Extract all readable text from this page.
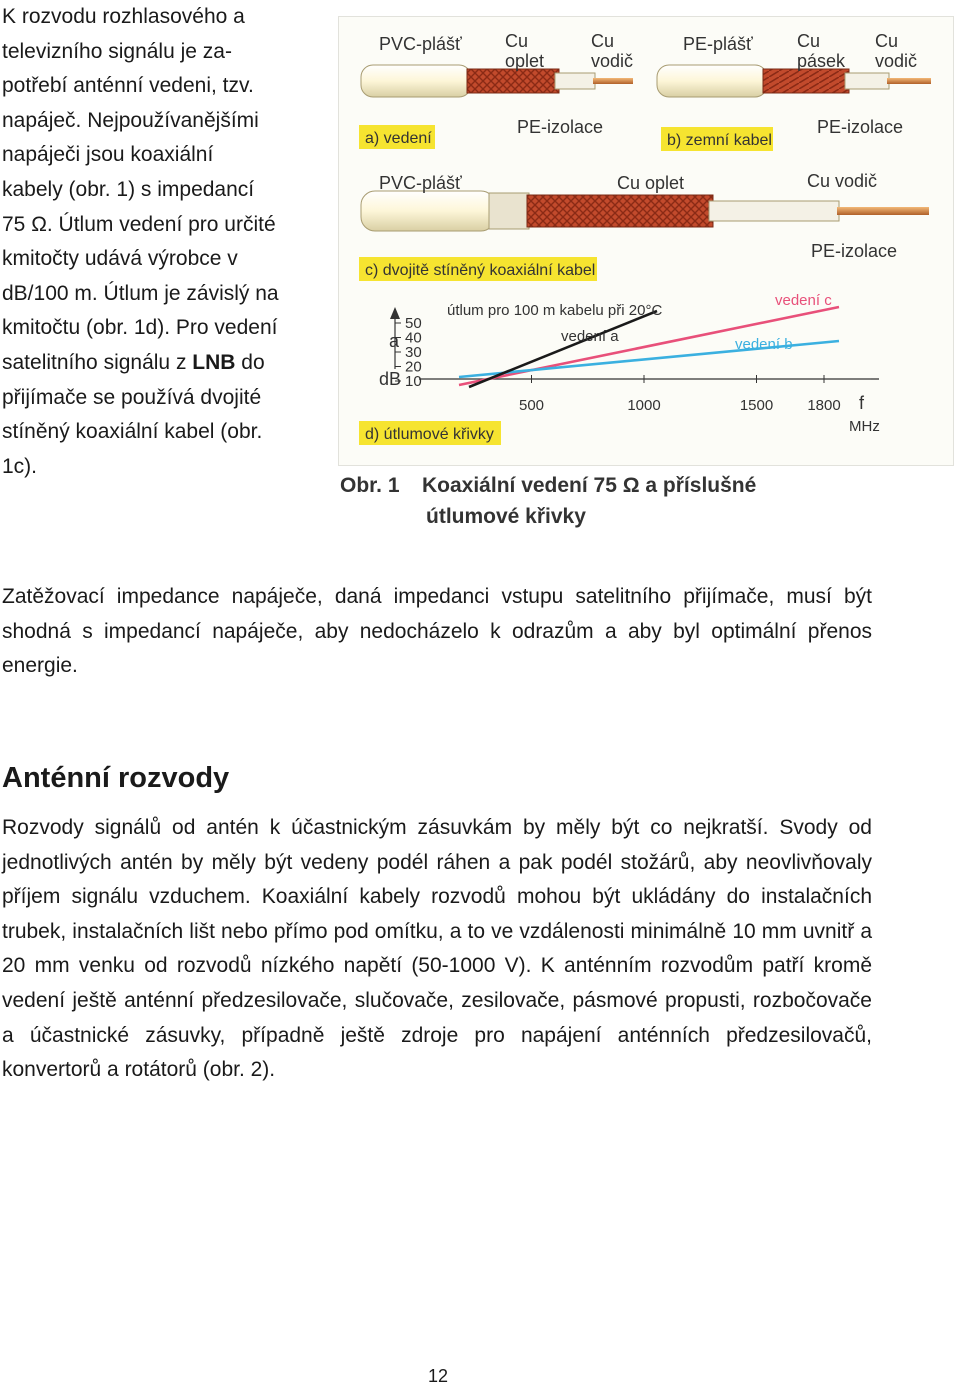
K rozvodu rozhlasového a
televizního signálu je za-
potřebí anténní vedeni, tzv.
napáječ. Nejpoužívanějšími
napáječi jsou koaxiální
kabely (obr. 1) s impedancí
75 Ω. Útlum vedení pro určité
kmitočty udává výrobce v
dB/100 m. Útlum je závislý na
kmitočtu (obr. 1d). Pro vedení
satelitního signálu z LNB do
přijímače se používá dvojité
stíněný koaxiální kabel (obr.
1c).
PVC-plášť Cu
oplet
Cu
vodič
PE-izolace
a) vedení
PE-plášť Cu
pásek
Cu
vodič
PE-izolace
b) zemní kabel
PVC-plášť	Cu oplet	Cu vodič
PE-izolace
c) dvojitě stíněný koaxiální kabel
50
40
30
20
10
500	1000	1500 1800
útlum pro 100 m kabelu při 20°C
a
dB
f
MHz
vedení a	vedení b
vedení c
d) útlumové křivky
Obr. 1 Koaxiální vedení 75 Ω a příslušné
útlumové křivky

Zatěžovací impedance napáječe, daná impedanci vstupu satelitního přijímače, musí být shodná s impedancí napáječe, aby nedocházelo k odrazům a aby byl optimální přenos energie.

Anténní rozvody

Rozvody signálů od antén k účastnickým zásuvkám by měly být co nejkratší. Svody od jednotlivých antén by měly být vedeny podél ráhen a pak podél stožárů, aby neovlivňovaly příjem signálu vzduchem. Koaxiální kabely rozvodů mohou být ukládány do instalačních trubek, instalačních lišt nebo přímo pod omítku, a to ve vzdálenosti minimálně 10 mm uvnitř a 20 mm venku od rozvodů nízkého napětí (50-1000 V). K anténním rozvodům patří kromě vedení ještě anténní předzesilovače, slučovače, zesilovače, pásmové propusti, rozbočovače a účastnické zásuvky, případně ještě zdroje pro napájení anténních předzesilovačů, konvertorů a rotátorů (obr. 2).

12
